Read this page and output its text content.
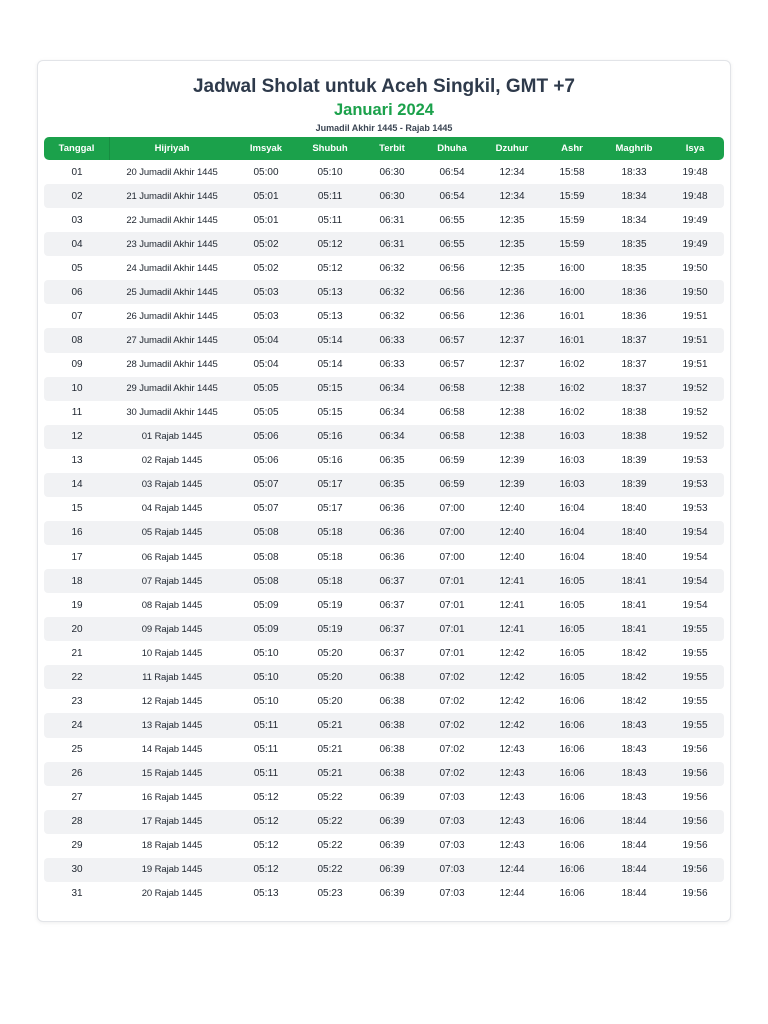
Jadwal Sholat untuk Aceh Singkil, GMT +7
Januari 2024
Jumadil Akhir 1445 - Rajab 1445
Tanggal	Hijriyah	Imsyak	Shubuh	Terbit	Dhuha	Dzuhur	Ashr	Maghrib	Isya
01	20 Jumadil Akhir 1445	05:00	05:10	06:30	06:54	12:34	15:58	18:33	19:48
02	21 Jumadil Akhir 1445	05:01	05:11	06:30	06:54	12:34	15:59	18:34	19:48
03	22 Jumadil Akhir 1445	05:01	05:11	06:31	06:55	12:35	15:59	18:34	19:49
04	23 Jumadil Akhir 1445	05:02	05:12	06:31	06:55	12:35	15:59	18:35	19:49
05	24 Jumadil Akhir 1445	05:02	05:12	06:32	06:56	12:35	16:00	18:35	19:50
06	25 Jumadil Akhir 1445	05:03	05:13	06:32	06:56	12:36	16:00	18:36	19:50
07	26 Jumadil Akhir 1445	05:03	05:13	06:32	06:56	12:36	16:01	18:36	19:51
08	27 Jumadil Akhir 1445	05:04	05:14	06:33	06:57	12:37	16:01	18:37	19:51
09	28 Jumadil Akhir 1445	05:04	05:14	06:33	06:57	12:37	16:02	18:37	19:51
10	29 Jumadil Akhir 1445	05:05	05:15	06:34	06:58	12:38	16:02	18:37	19:52
11	30 Jumadil Akhir 1445	05:05	05:15	06:34	06:58	12:38	16:02	18:38	19:52
12	01 Rajab 1445	05:06	05:16	06:34	06:58	12:38	16:03	18:38	19:52
13	02 Rajab 1445	05:06	05:16	06:35	06:59	12:39	16:03	18:39	19:53
14	03 Rajab 1445	05:07	05:17	06:35	06:59	12:39	16:03	18:39	19:53
15	04 Rajab 1445	05:07	05:17	06:36	07:00	12:40	16:04	18:40	19:53
16	05 Rajab 1445	05:08	05:18	06:36	07:00	12:40	16:04	18:40	19:54
17	06 Rajab 1445	05:08	05:18	06:36	07:00	12:40	16:04	18:40	19:54
18	07 Rajab 1445	05:08	05:18	06:37	07:01	12:41	16:05	18:41	19:54
19	08 Rajab 1445	05:09	05:19	06:37	07:01	12:41	16:05	18:41	19:54
20	09 Rajab 1445	05:09	05:19	06:37	07:01	12:41	16:05	18:41	19:55
21	10 Rajab 1445	05:10	05:20	06:37	07:01	12:42	16:05	18:42	19:55
22	11 Rajab 1445	05:10	05:20	06:38	07:02	12:42	16:05	18:42	19:55
23	12 Rajab 1445	05:10	05:20	06:38	07:02	12:42	16:06	18:42	19:55
24	13 Rajab 1445	05:11	05:21	06:38	07:02	12:42	16:06	18:43	19:55
25	14 Rajab 1445	05:11	05:21	06:38	07:02	12:43	16:06	18:43	19:56
26	15 Rajab 1445	05:11	05:21	06:38	07:02	12:43	16:06	18:43	19:56
27	16 Rajab 1445	05:12	05:22	06:39	07:03	12:43	16:06	18:43	19:56
28	17 Rajab 1445	05:12	05:22	06:39	07:03	12:43	16:06	18:44	19:56
29	18 Rajab 1445	05:12	05:22	06:39	07:03	12:43	16:06	18:44	19:56
30	19 Rajab 1445	05:12	05:22	06:39	07:03	12:44	16:06	18:44	19:56
31	20 Rajab 1445	05:13	05:23	06:39	07:03	12:44	16:06	18:44	19:56
